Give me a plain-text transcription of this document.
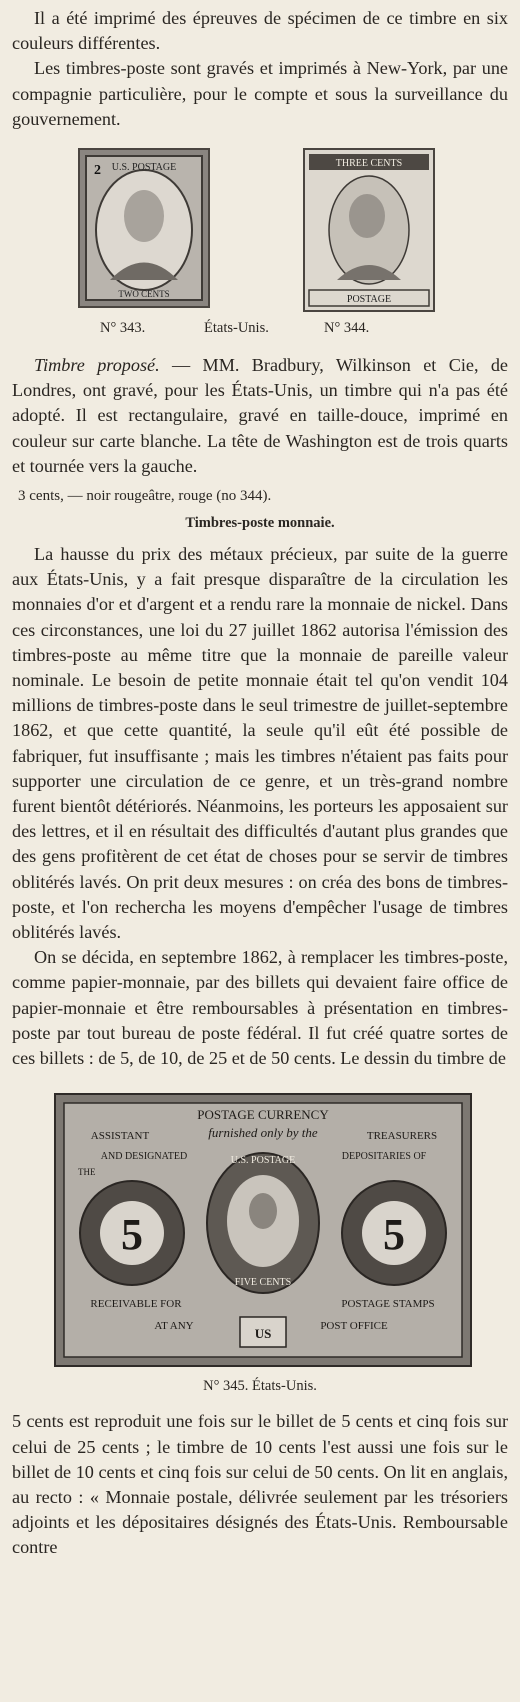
Il a été imprimé des épreuves de spécimen de ce timbre en six couleurs différentes.

Les timbres-poste sont gravés et imprimés à New-York, par une compagnie particulière, pour le compte et sous la surveillance du gouvernement.

U.S. POSTAGE
TWO CENTS
2	THREE CENTS
POSTAGE
N° 343.	États-Unis.	N° 344.

Timbre proposé. — MM. Bradbury, Wilkinson et Cie, de Londres, ont gravé, pour les États-Unis, un timbre qui n'a pas été adopté. Il est rectangulaire, gravé en taille-douce, imprimé en couleur sur carte blanche. La tête de Washington est de trois quarts et tournée vers la gauche.

3 cents, — noir rougeâtre, rouge (no 344).
Timbres-poste monnaie.

La hausse du prix des métaux précieux, par suite de la guerre aux États-Unis, y a fait presque disparaître de la circulation les monnaies d'or et d'argent et a rendu rare la monnaie de nickel. Dans ces circonstances, une loi du 27 juillet 1862 autorisa l'émission des timbres-poste au même titre que la monnaie de pareille valeur nominale. Le besoin de petite monnaie était tel qu'on vendit 104 millions de timbres-poste dans le seul trimestre de juillet-septembre 1862, et que cette quantité, la seule qu'il eût été possible de fabriquer, fut insuffisante ; mais les timbres n'étaient pas faits pour supporter une circulation de ce genre, et un très-grand nombre furent bientôt détériorés. Néanmoins, les porteurs les apposaient sur des lettres, et il en résultait des difficultés d'autant plus grandes que des gens profitèrent de cet état de choses pour se servir de timbres oblitérés lavés. On prit deux mesures : on créa des bons de timbres-poste, et l'on rechercha les moyens d'empêcher l'usage de timbres oblitérés lavés.

On se décida, en septembre 1862, à remplacer les timbres-poste, comme papier-monnaie, par des billets qui devaient faire office de papier-monnaie et être remboursables à présentation en timbres-poste par tout bureau de poste fédéral. Il fut créé quatre sortes de ces billets : de 5, de 10, de 25 et de 50 cents. Le dessin du timbre de

POSTAGE CURRENCY
furnished only by the
ASSISTANT	TREASURERS
AND DESIGNATED	DEPOSITARIES OF
THE
U.S. POSTAGE
FIVE CENTS
5	5
RECEIVABLE FOR	POSTAGE STAMPS
AT ANY	POST OFFICE
US
N° 345. États-Unis.

5 cents est reproduit une fois sur le billet de 5 cents et cinq fois sur celui de 25 cents ; le timbre de 10 cents l'est aussi une fois sur le billet de 10 cents et cinq fois sur celui de 50 cents. On lit en anglais, au recto : « Monnaie postale, délivrée seulement par les trésoriers adjoints et les dépositaires désignés des États-Unis. Remboursable contre
